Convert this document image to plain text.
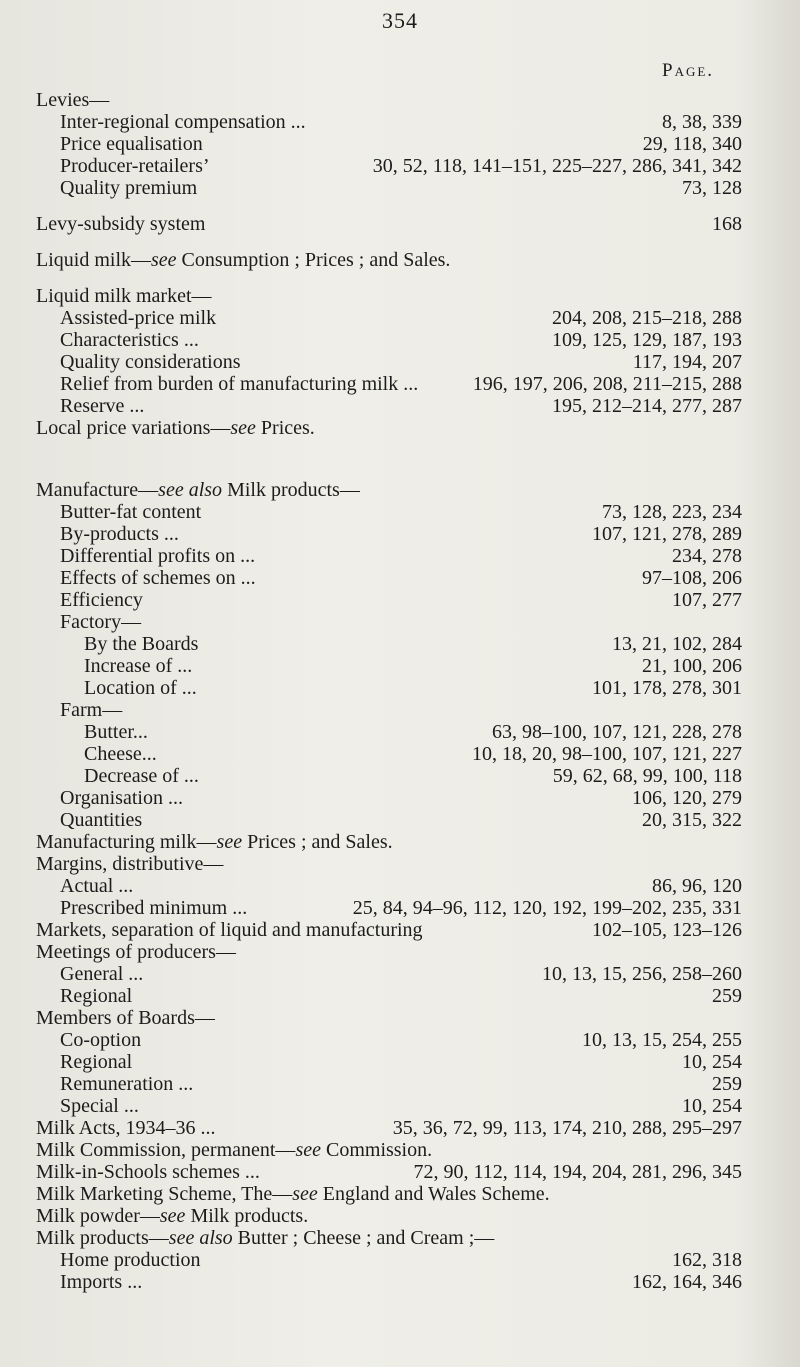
354
Page.
Levies—
Inter-regional compensation ...	8, 38, 339
Price equalisation	29, 118, 340
Producer-retailers’	30, 52, 118, 141–151, 225–227, 286, 341, 342
Quality premium	73, 128
Levy-subsidy system	168
Liquid milk—see Consumption ; Prices ; and Sales.
Liquid milk market—
Assisted-price milk	204, 208, 215–218, 288
Characteristics ...	109, 125, 129, 187, 193
Quality considerations	117, 194, 207
Relief from burden of manufacturing milk ...	196, 197, 206, 208, 211–215, 288
Reserve ...	195, 212–214, 277, 287
Local price variations—see Prices.
Manufacture—see also Milk products—
Butter-fat content	73, 128, 223, 234
By-products ...	107, 121, 278, 289
Differential profits on ...	234, 278
Effects of schemes on ...	97–108, 206
Efficiency	107, 277
Factory—
By the Boards	13, 21, 102, 284
Increase of ...	21, 100, 206
Location of ...	101, 178, 278, 301
Farm—
Butter...	63, 98–100, 107, 121, 228, 278
Cheese...	10, 18, 20, 98–100, 107, 121, 227
Decrease of ...	59, 62, 68, 99, 100, 118
Organisation ...	106, 120, 279
Quantities	20, 315, 322
Manufacturing milk—see Prices ; and Sales.
Margins, distributive—
Actual ...	86, 96, 120
Prescribed minimum ...	25, 84, 94–96, 112, 120, 192, 199–202, 235, 331
Markets, separation of liquid and manufacturing	102–105, 123–126
Meetings of producers—
General ...	10, 13, 15, 256, 258–260
Regional	259
Members of Boards—
Co-option	10, 13, 15, 254, 255
Regional	10, 254
Remuneration ...	259
Special ...	10, 254
Milk Acts, 1934–36 ...	35, 36, 72, 99, 113, 174, 210, 288, 295–297
Milk Commission, permanent—see Commission.
Milk-in-Schools schemes ...	72, 90, 112, 114, 194, 204, 281, 296, 345
Milk Marketing Scheme, The—see England and Wales Scheme.
Milk powder—see Milk products.
Milk products—see also Butter ; Cheese ; and Cream ;—
Home production	162, 318
Imports ...	162, 164, 346
